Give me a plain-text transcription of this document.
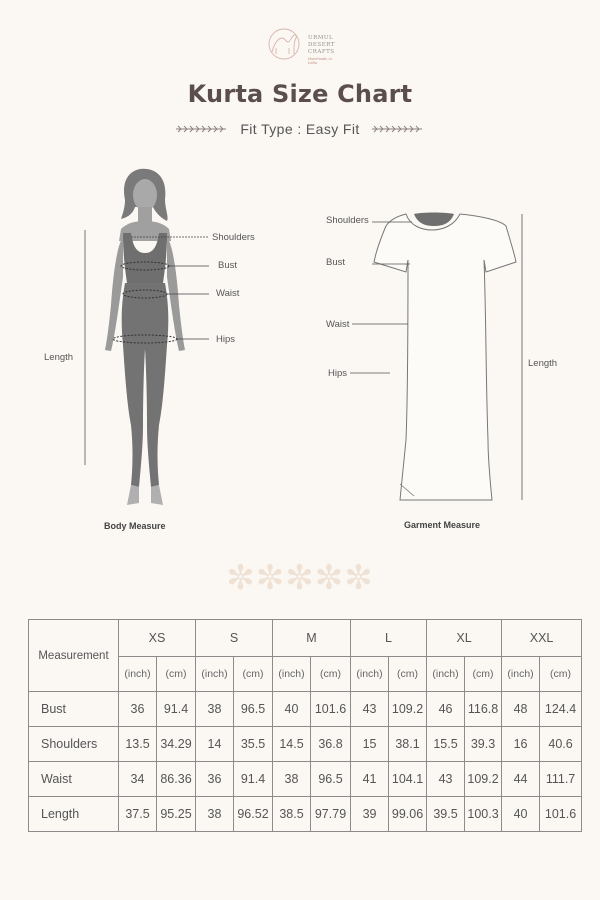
URMUL
DESERT
CRAFTS
Handmade in India
Kurta Size Chart
Fit Type : Easy Fit
Shoulders
Bust
Waist
Hips
Length
Body Measure
Shoulders
Bust
Waist
Hips
Length
Garment Measure
✼✼✼✼✼
Measurement	XS		S		M		L		XL		XXL	
	(inch)	(cm)	(inch)	(cm)	(inch)	(cm)	(inch)	(cm)	(inch)	(cm)	(inch)	(cm)
Bust	36	91.4	38	96.5	40	101.6	43	109.2	46	116.8	48	124.4
Shoulders	13.5	34.29	14	35.5	14.5	36.8	15	38.1	15.5	39.3	16	40.6
Waist	34	86.36	36	91.4	38	96.5	41	104.1	43	109.2	44	111.7
Length	37.5	95.25	38	96.52	38.5	97.79	39	99.06	39.5	100.3	40	101.6
